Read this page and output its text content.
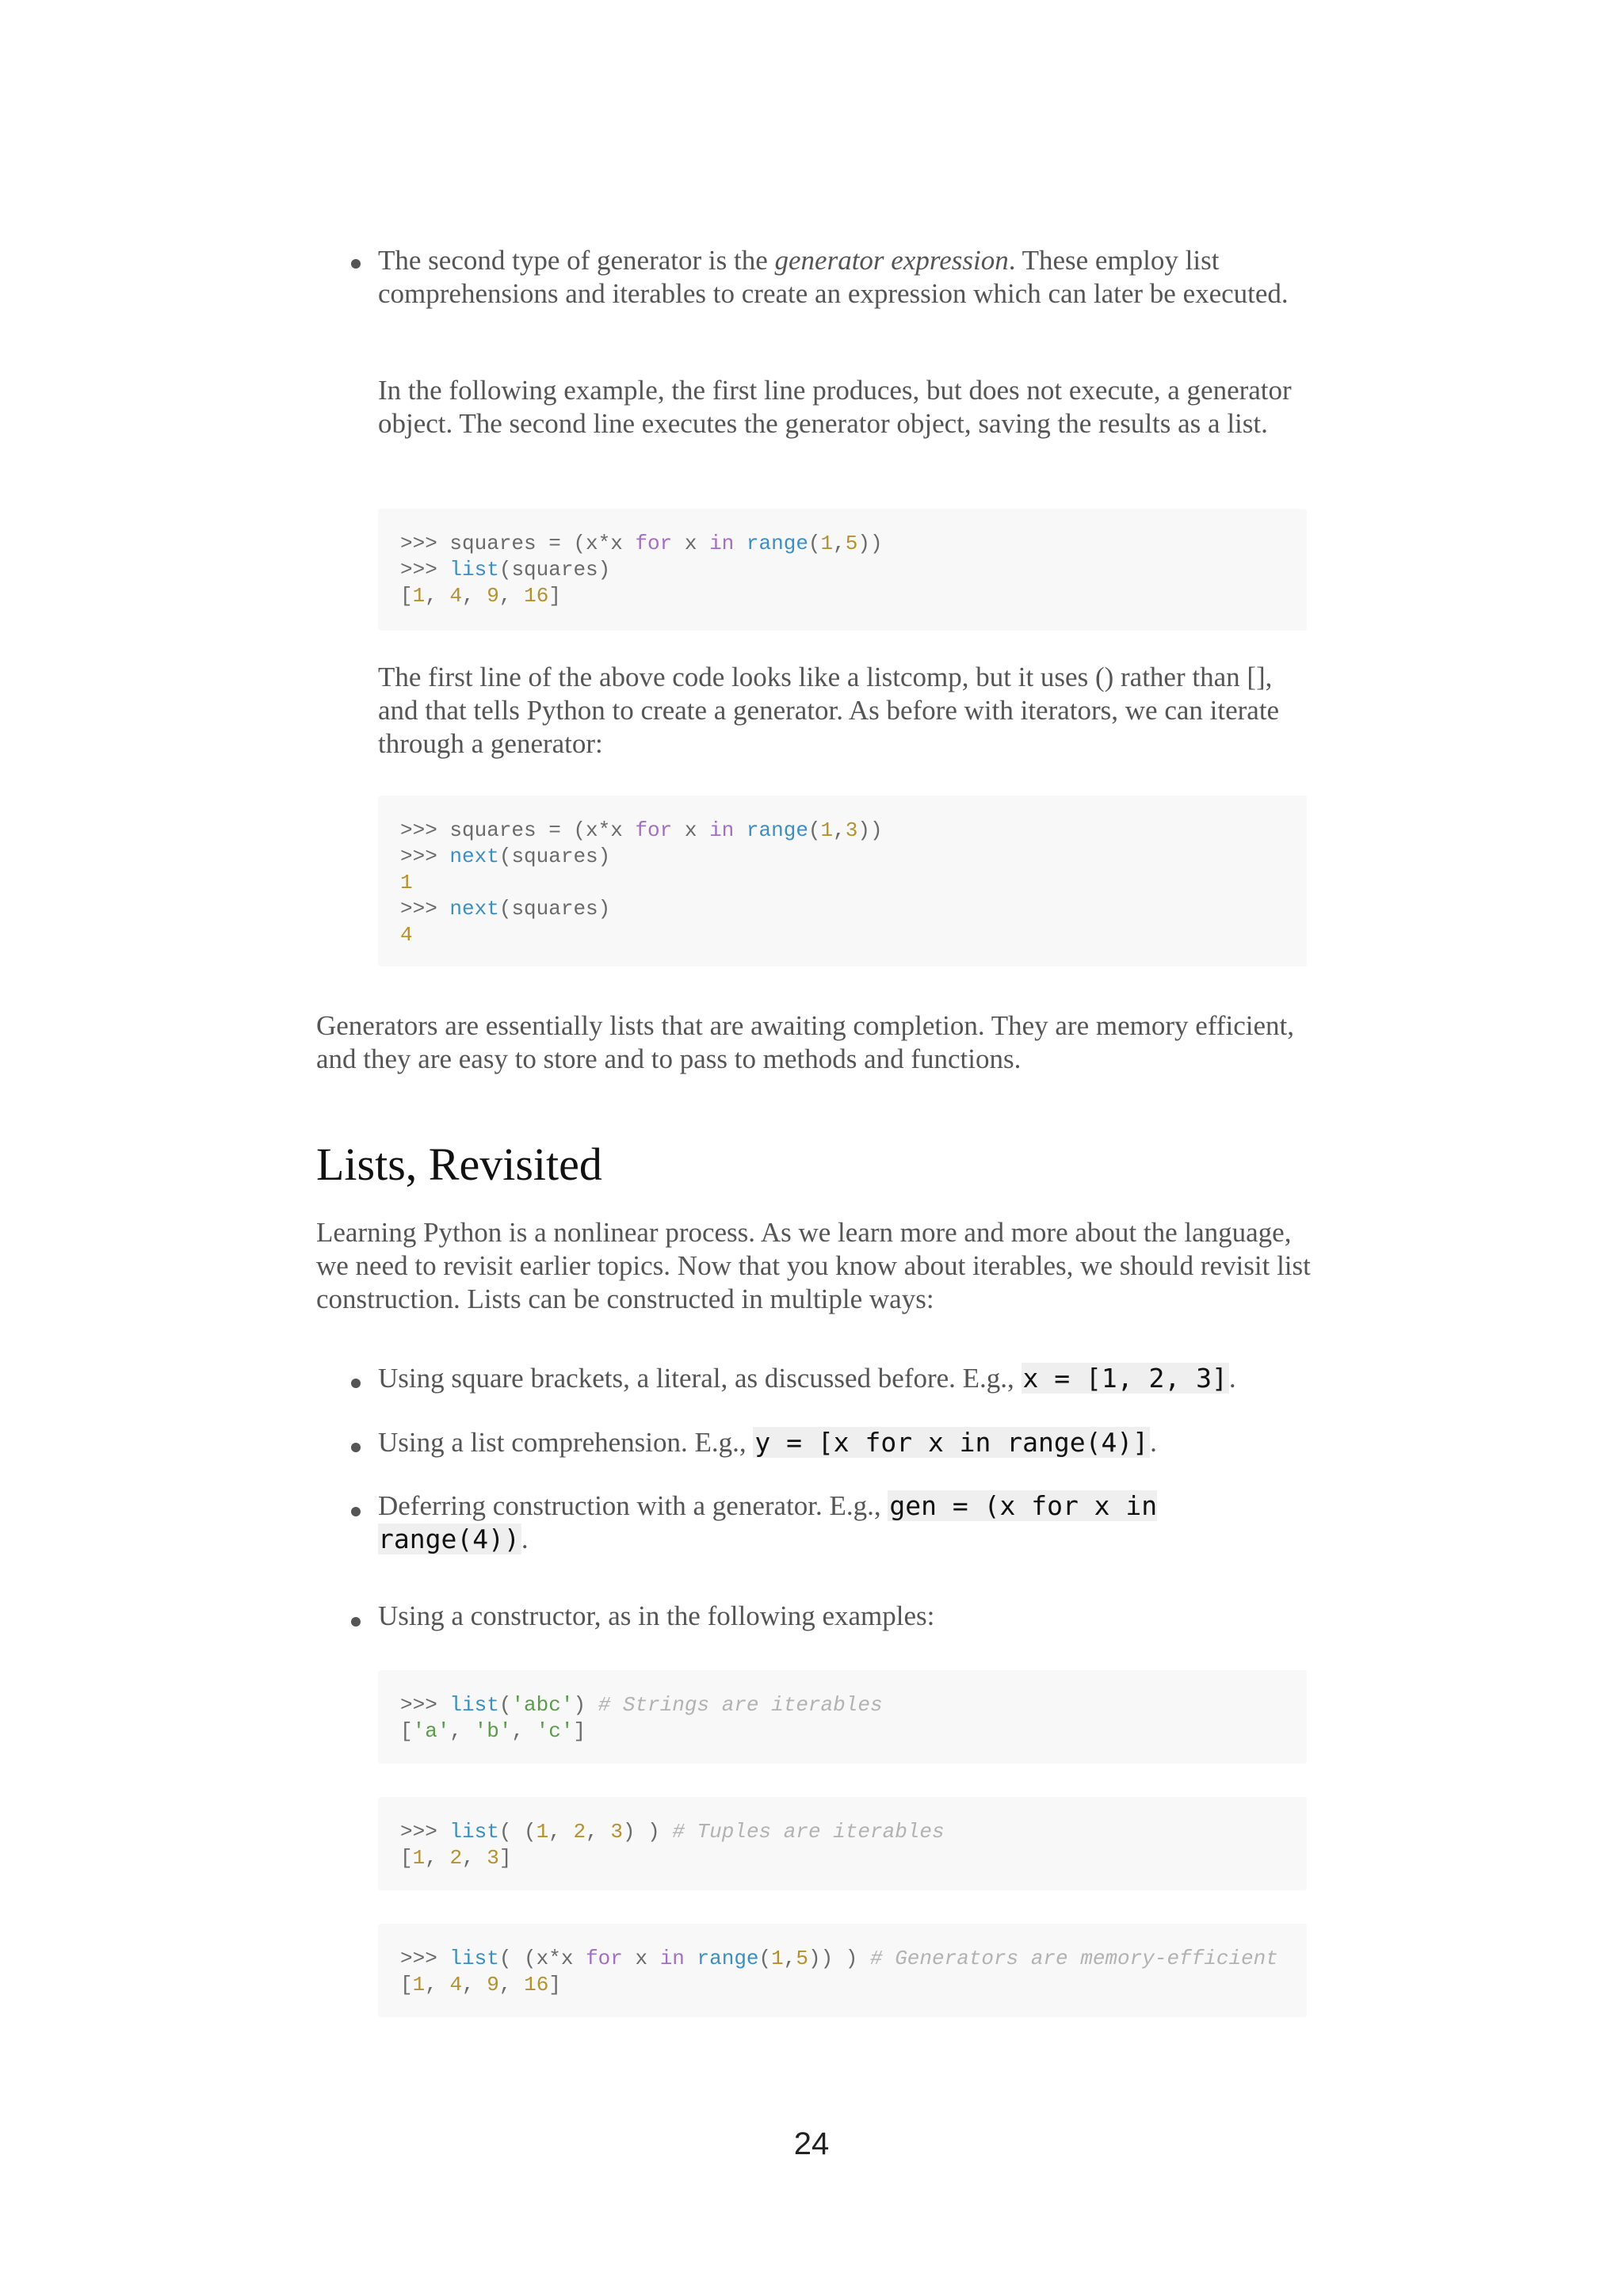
The second type of generator is the generator expression. These employ list comprehensions and iterables to create an expression which can later be executed.

In the following example, the first line produces, but does not execute, a generator object. The second line executes the generator object, saving the results as a list.

>>> squares = (x*x for x in range(1,5))
>>> list(squares)
[1, 4, 9, 16]

The first line of the above code looks like a listcomp, but it uses () rather than [], and that tells Python to create a generator. As before with iterators, we can iterate through a generator:

>>> squares = (x*x for x in range(1,3))
>>> next(squares)
1
>>> next(squares)
4

Generators are essentially lists that are awaiting completion. They are memory efficient, and they are easy to store and to pass to methods and functions.

Lists, Revisited

Learning Python is a nonlinear process. As we learn more and more about the language, we need to revisit earlier topics. Now that you know about iterables, we should revisit list construction. Lists can be constructed in multiple ways:

Using square brackets, a literal, as discussed before. E.g., x = [1, 2, 3].

Using a list comprehension. E.g., y = [x for x in range(4)].

Deferring construction with a generator. E.g., gen = (x for x in range(4)).

Using a constructor, as in the following examples:

>>> list('abc') # Strings are iterables
['a', 'b', 'c']
>>> list( (1, 2, 3) ) # Tuples are iterables
[1, 2, 3]
>>> list( (x*x for x in range(1,5)) ) # Generators are memory-efficient
[1, 4, 9, 16]
24
